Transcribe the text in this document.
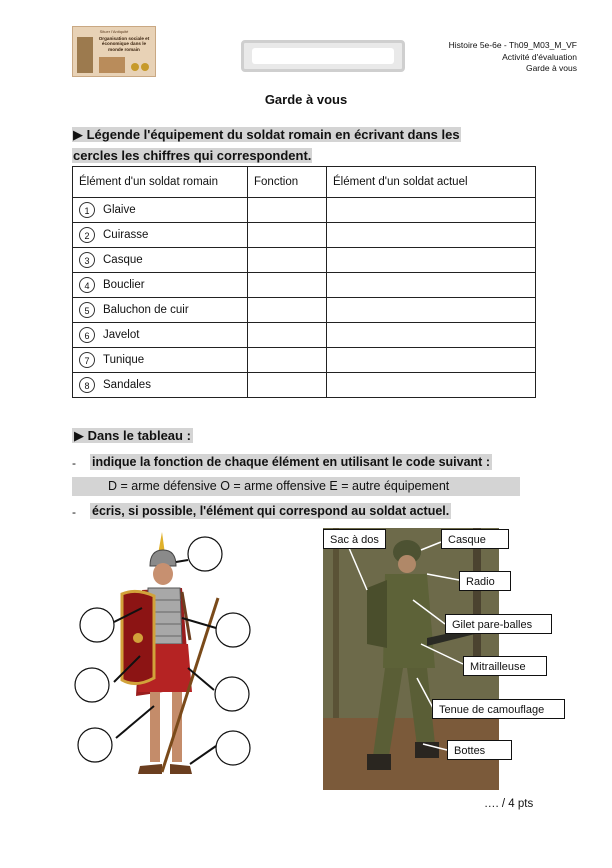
Situer l'Antiquité
Organisation sociale et économique dans le monde romain	Histoire 5e-6e - Th09_M03_M_VF
Activité d'évaluation
Garde à vous
Garde à vous
▶ Légende l'équipement du soldat romain en écrivant dans les
cercles les chiffres qui correspondent.
Élément d'un soldat romain	Fonction	Élément d'un soldat actuel
1 Glaive		
2 Cuirasse		
3 Casque		
4 Bouclier		
5 Baluchon de cuir		
6 Javelot		
7 Tunique		
8 Sandales		
▶ Dans le tableau :
- indique la fonction de chaque élément en utilisant le code suivant :
D = arme défensive O = arme offensive E = autre équipement
- écris, si possible, l'élément qui correspond au soldat actuel.
Sac à dos	Casque
Radio
Gilet pare-balles
Mitrailleuse
Tenue de camouflage
Bottes
…. / 4 pts
